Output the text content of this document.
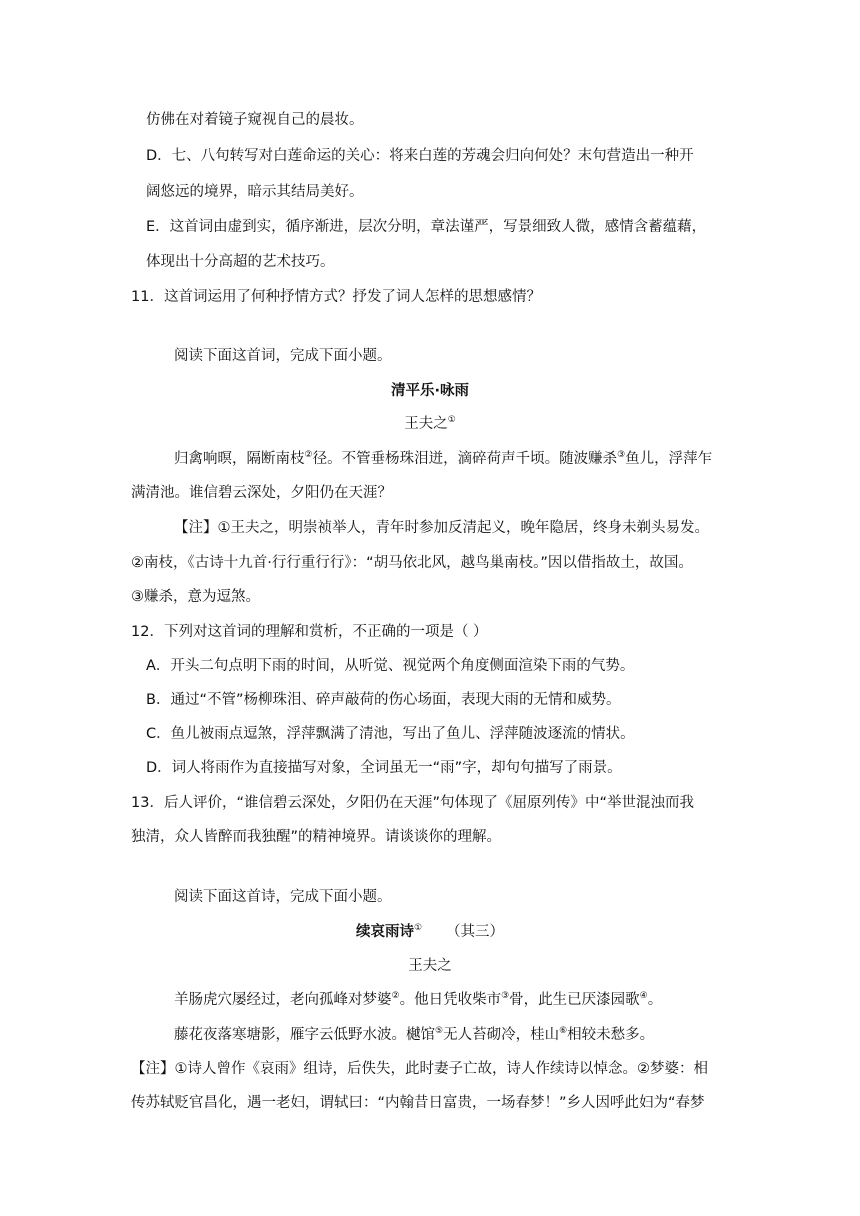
仿佛在对着镜子窥视自己的晨妆。
D．七、八句转写对白莲命运的关心：将来白莲的芳魂会归向何处？末句营造出一种开
阔悠远的境界，暗示其结局美好。
E．这首词由虚到实，循序渐进，层次分明，章法谨严，写景细致人微，感情含蓄蕴藉，
体现出十分高超的艺术技巧。
11．这首词运用了何种抒情方式？抒发了词人怎样的思想感情？
阅读下面这首词，完成下面小题。
清平乐·咏雨
王夫之①
归禽响暝，隔断南枝②径。不管垂杨珠泪迸，滴碎荷声千顷。随波赚杀③鱼儿，浮萍乍
满清池。谁信碧云深处，夕阳仍在天涯？
【注】①王夫之，明崇祯举人，青年时参加反清起义，晚年隐居，终身未剃头易发。
②南枝，《古诗十九首·行行重行行》：“胡马依北风，越鸟巢南枝。”因以借指故土，故国。
③赚杀，意为逗煞。
12．下列对这首词的理解和赏析，不正确的一项是（ ）
A．开头二句点明下雨的时间，从听觉、视觉两个角度侧面渲染下雨的气势。
B．通过“不管”杨柳珠泪、碎声敲荷的伤心场面，表现大雨的无情和威势。
C．鱼儿被雨点逗煞，浮萍飘满了清池，写出了鱼儿、浮萍随波逐流的情状。
D．词人将雨作为直接描写对象，全词虽无一“雨”字，却句句描写了雨景。
13．后人评价，“谁信碧云深处，夕阳仍在天涯”句体现了《屈原列传》中“举世混浊而我
独清，众人皆醉而我独醒”的精神境界。请谈谈你的理解。
阅读下面这首诗，完成下面小题。
续哀雨诗① （其三）
王夫之
羊肠虎穴屡经过，老向孤峰对梦婆②。他日凭收柴市③骨，此生已厌漆园歌④。
藤花夜落寒塘影，雁字云低野水波。樾馆⑤无人苔砌冷，桂山⑥相较未愁多。
【注】①诗人曾作《哀雨》组诗，后佚失，此时妻子亡故，诗人作续诗以悼念。②梦婆：相
传苏轼贬官昌化，遇一老妇，谓轼曰：“内翰昔日富贵，一场春梦！”乡人因呼此妇为“春梦
